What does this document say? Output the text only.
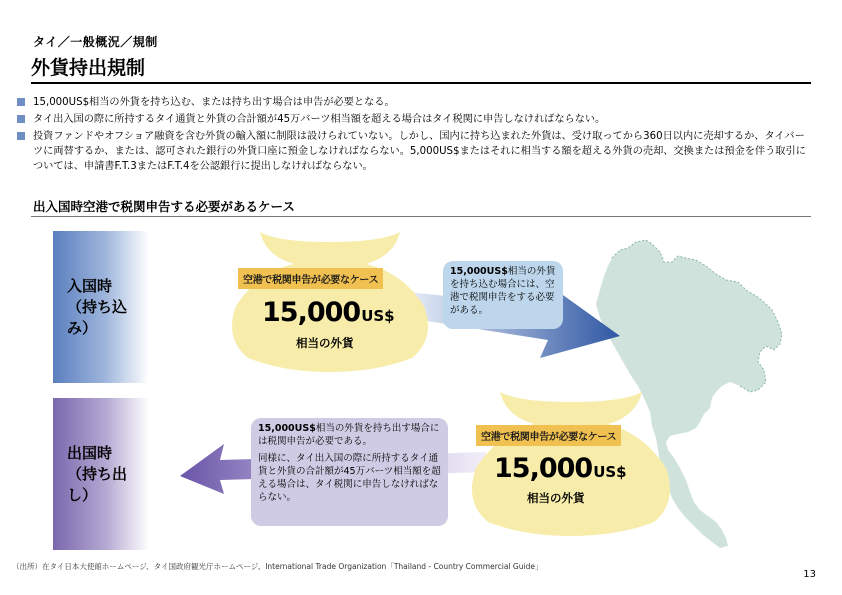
タイ／一般概況／規制
外貨持出規制
15,000US$相当の外貨を持ち込む、または持ち出す場合は申告が必要となる。
タイ出入国の際に所持するタイ通貨と外貨の合計額が45万バーツ相当額を超える場合はタイ税関に申告しなければならない。
投資ファンドやオフショア融資を含む外貨の輸入額に制限は設けられていない。しかし、国内に持ち込まれた外貨は、受け取ってから360日以内に売却するか、タイバーツに両替するか、または、認可された銀行の外貨口座に預金しなければならない。5,000US$またはそれに相当する額を超える外貨の売却、交換または預金を伴う取引については、申請書F.T.3またはF.T.4を公認銀行に提出しなければならない。
出入国時空港で税関申告する必要があるケース
入国時
（持ち込み）
出国時
（持ち出し）
空港で税関申告が必要なケース
15,000US$
相当の外貨
空港で税関申告が必要なケース
15,000US$
相当の外貨

15,000US$相当の外貨を持ち込む場合には、空港で税関申告をする必要がある。

15,000US$相当の外貨を持ち出す場合には税関申告が必要である。

同様に、タイ出入国の際に所持するタイ通貨と外貨の合計額が45万バーツ相当額を超える場合は、タイ税関に申告しなければならない。

（出所）在タイ日本大使館ホームページ、タイ国政府観光庁ホームページ、International Trade Organization「Thailand - Country Commercial Guide」
13
